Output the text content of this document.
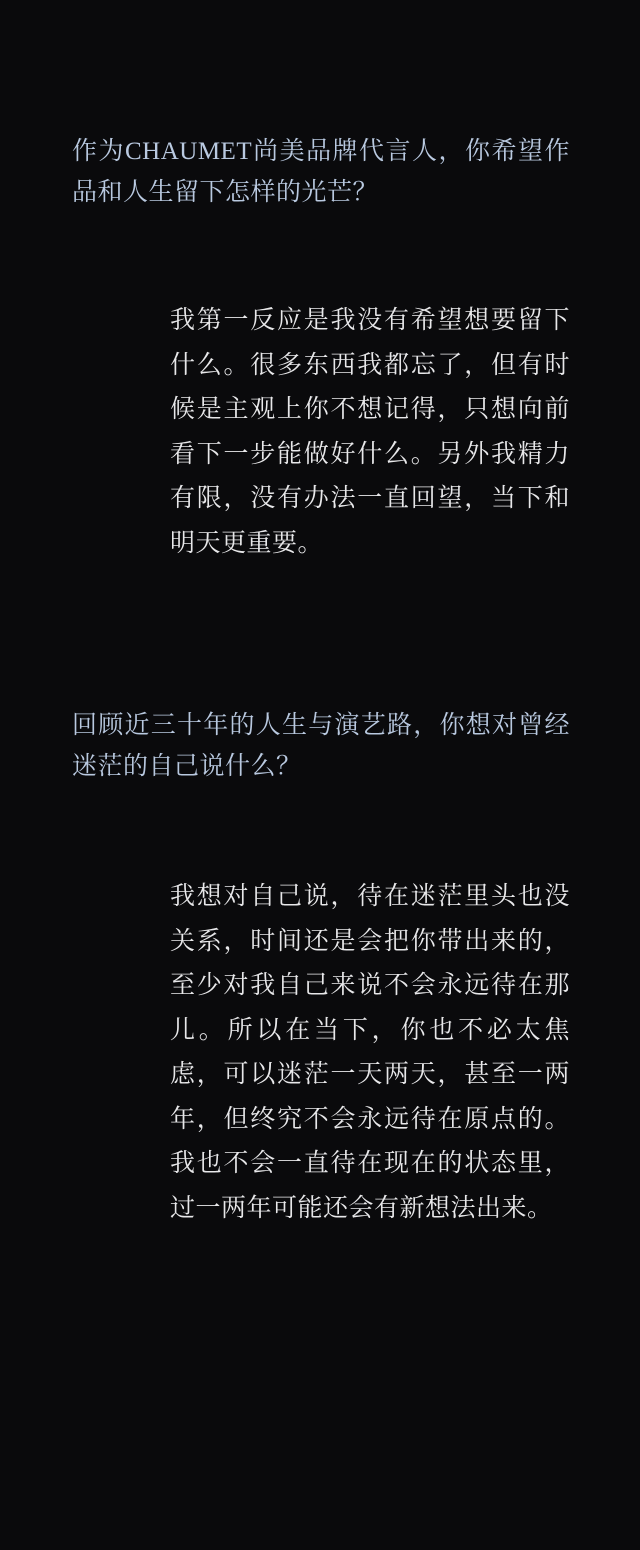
作为CHAUMET尚美品牌代言人，你希望作品和人生留下怎样的光芒？
我第一反应是我没有希望想要留下什么。很多东西我都忘了，但有时候是主观上你不想记得，只想向前看下一步能做好什么。另外我精力有限，没有办法一直回望，当下和明天更重要。
回顾近三十年的人生与演艺路，你想对曾经迷茫的自己说什么？
我想对自己说，待在迷茫里头也没关系，时间还是会把你带出来的，至少对我自己来说不会永远待在那儿。所以在当下，你也不必太焦虑，可以迷茫一天两天，甚至一两年，但终究不会永远待在原点的。我也不会一直待在现在的状态里，过一两年可能还会有新想法出来。
